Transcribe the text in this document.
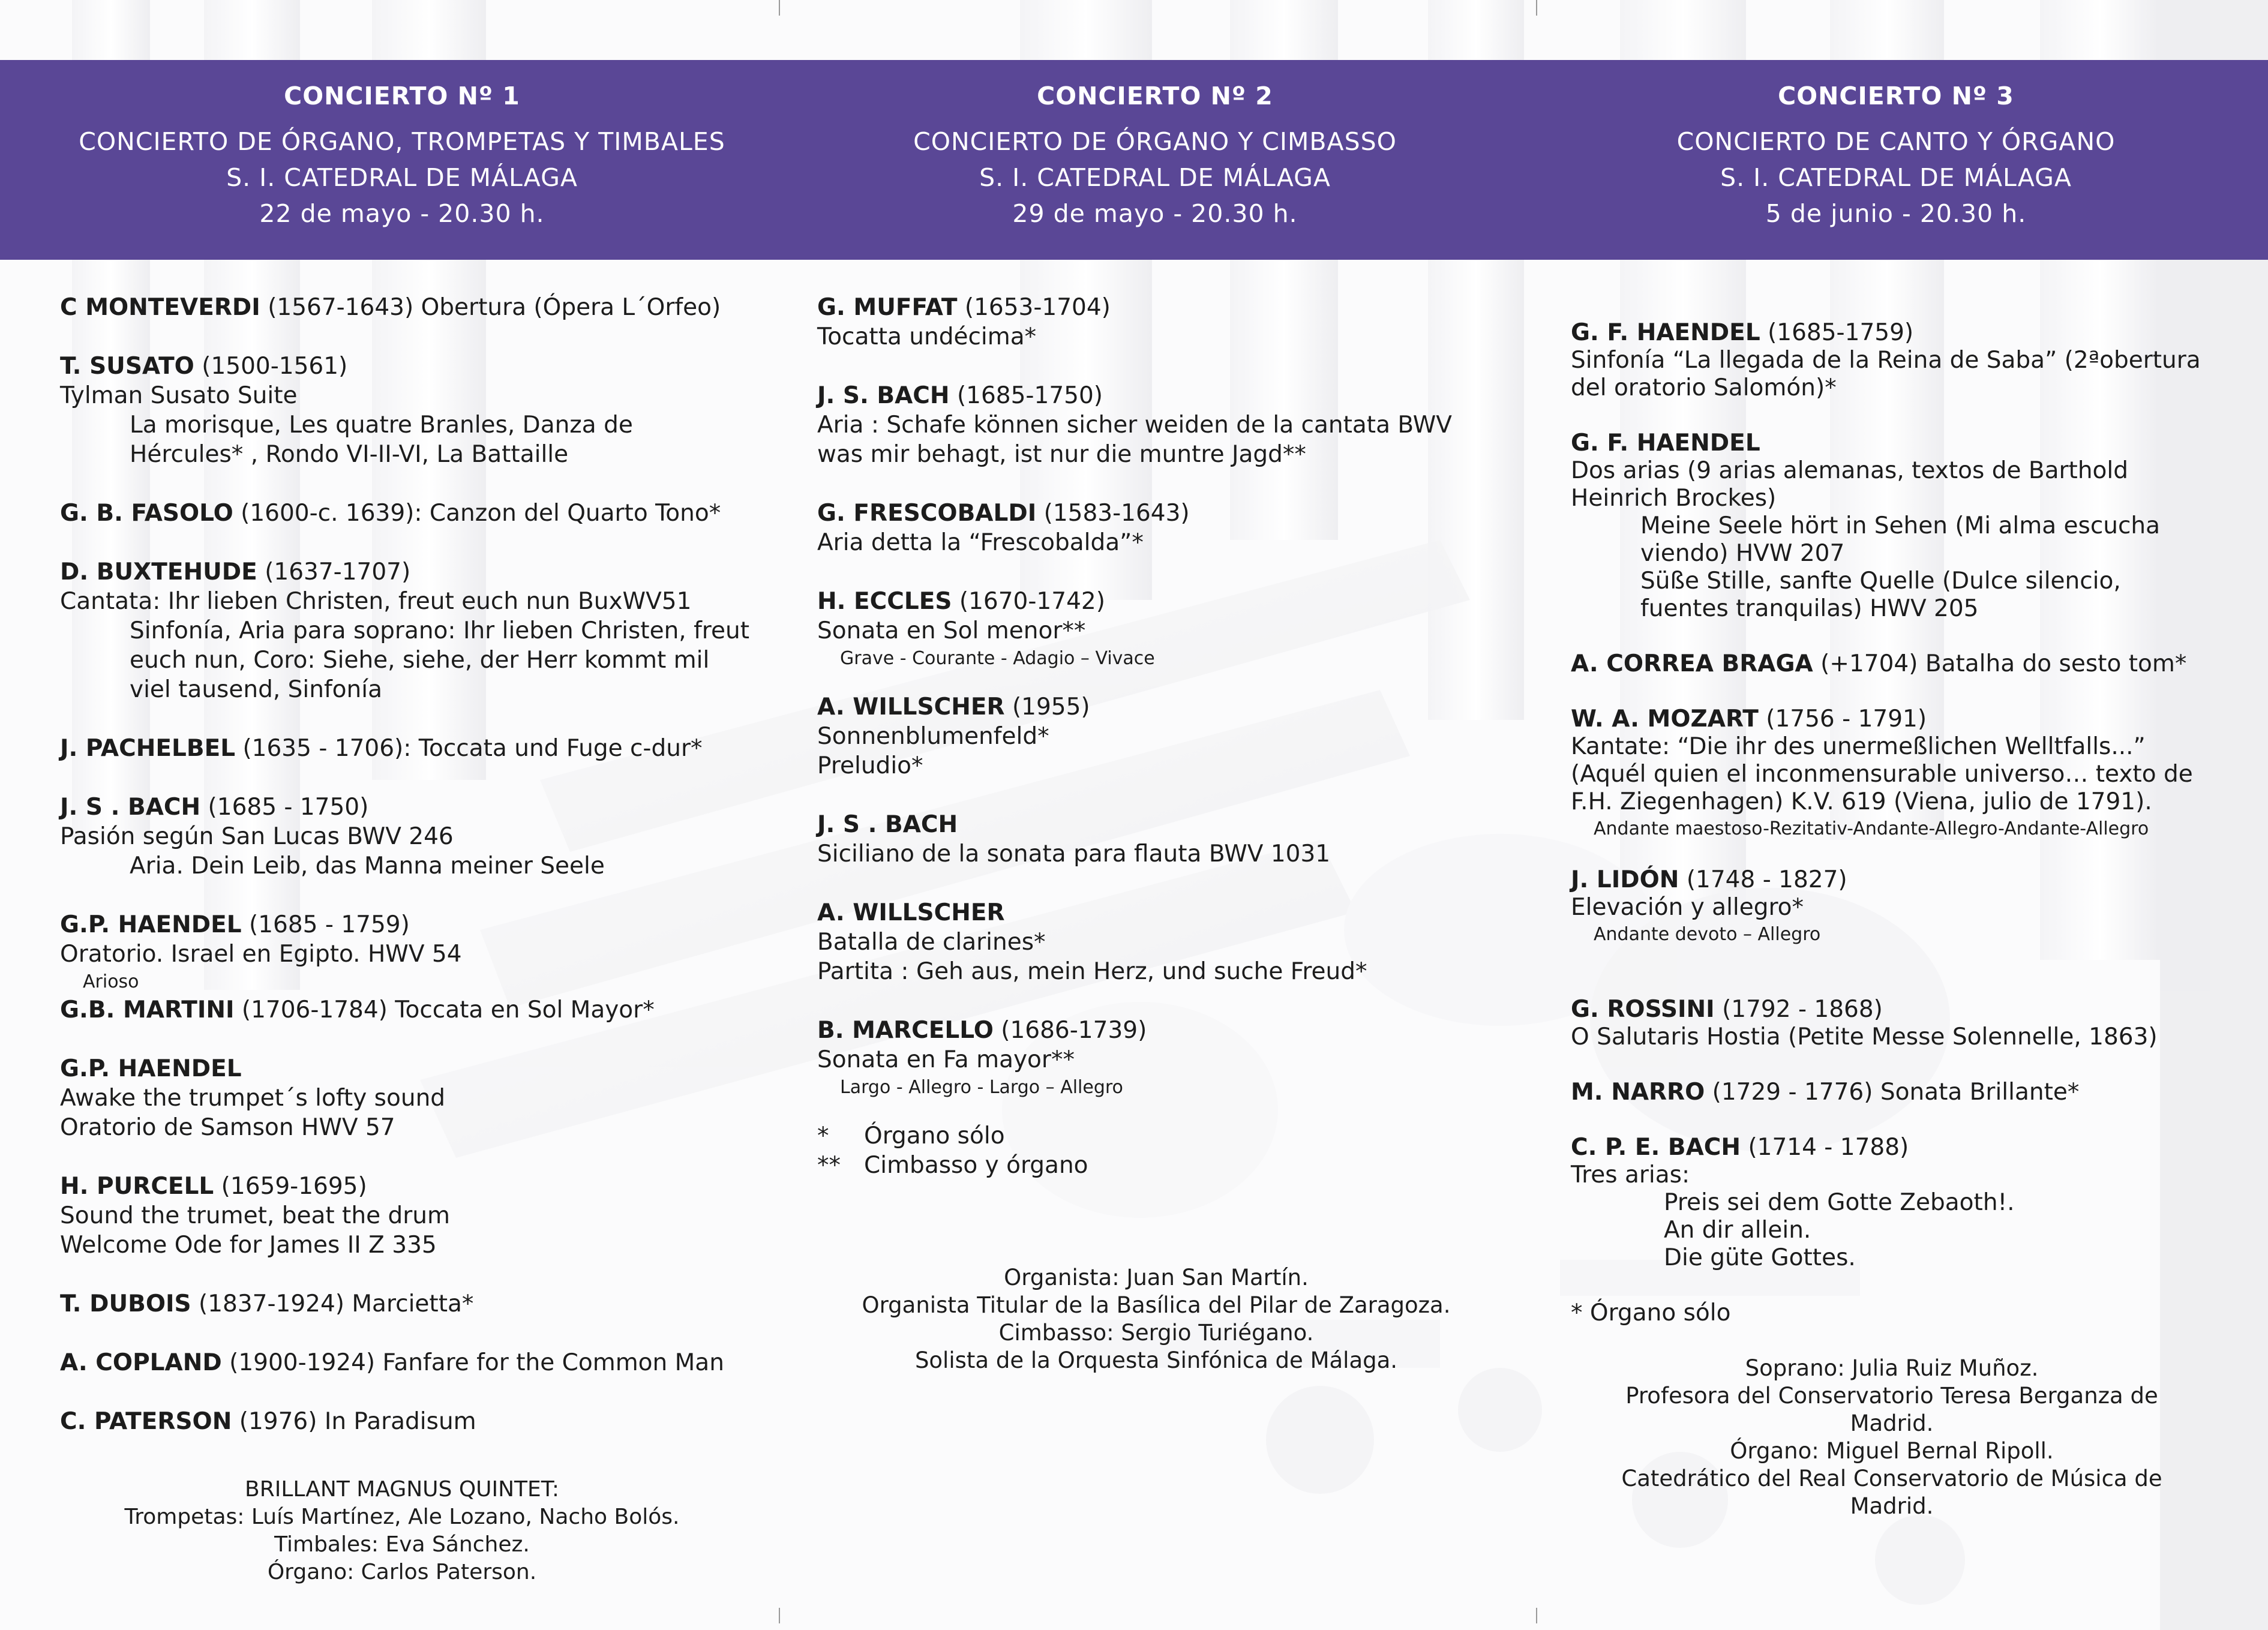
CONCIERTO Nº 1
CONCIERTO DE ÓRGANO, TROMPETAS Y TIMBALES
S. I. CATEDRAL DE MÁLAGA
22 de mayo - 20.30 h.
CONCIERTO Nº 2
CONCIERTO DE ÓRGANO Y CIMBASSO
S. I. CATEDRAL DE MÁLAGA
29 de mayo - 20.30 h.
CONCIERTO Nº 3
CONCIERTO DE CANTO Y ÓRGANO
S. I. CATEDRAL DE MÁLAGA
5 de junio - 20.30 h.
C MONTEVERDI (1567-1643) Obertura (Ópera L´Orfeo)
T. SUSATO (1500-1561)
Tylman Susato Suite
La morisque, Les quatre Branles, Danza de
Hércules* , Rondo VI-II-VI, La Battaille
G. B. FASOLO (1600-c. 1639): Canzon del Quarto Tono*
D. BUXTEHUDE (1637-1707)
Cantata: Ihr lieben Christen, freut euch nun BuxWV51
Sinfonía, Aria para soprano: Ihr lieben Christen, freut
euch nun, Coro: Siehe, siehe, der Herr kommt mil
viel tausend, Sinfonía
J. PACHELBEL (1635 - 1706): Toccata und Fuge c-dur*
J. S . BACH (1685 - 1750)
Pasión según San Lucas BWV 246
Aria. Dein Leib, das Manna meiner Seele
G.P. HAENDEL (1685 - 1759)
Oratorio. Israel en Egipto. HWV 54
Arioso
G.B. MARTINI (1706-1784) Toccata en Sol Mayor*
G.P. HAENDEL
Awake the trumpet´s lofty sound
Oratorio de Samson HWV 57
H. PURCELL (1659-1695)
Sound the trumet, beat the drum
Welcome Ode for James II Z 335
T. DUBOIS (1837-1924) Marcietta*
A. COPLAND (1900-1924) Fanfare for the Common Man
C. PATERSON (1976) In Paradisum
BRILLANT MAGNUS QUINTET:
Trompetas: Luís Martínez, Ale Lozano, Nacho Bolós.
Timbales: Eva Sánchez.
Órgano: Carlos Paterson.
G. MUFFAT (1653-1704)
Tocatta undécima*
J. S. BACH (1685-1750)
Aria : Schafe können sicher weiden de la cantata BWV
was mir behagt, ist nur die muntre Jagd**
G. FRESCOBALDI (1583-1643)
Aria detta la “Frescobalda”*
H. ECCLES (1670-1742)
Sonata en Sol menor**
Grave - Courante - Adagio – Vivace
A. WILLSCHER (1955)
Sonnenblumenfeld*
Preludio*
J. S . BACH
Siciliano de la sonata para flauta BWV 1031
A. WILLSCHER
Batalla de clarines*
Partita : Geh aus, mein Herz, und suche Freud*
B. MARCELLO (1686-1739)
Sonata en Fa mayor**
Largo - Allegro - Largo – Allegro
* Órgano sólo
** Cimbasso y órgano
Organista: Juan San Martín.
Organista Titular de la Basílica del Pilar de Zaragoza.
Cimbasso: Sergio Turiégano.
Solista de la Orquesta Sinfónica de Málaga.
G. F. HAENDEL (1685-1759)
Sinfonía “La llegada de la Reina de Saba” (2ªobertura
del oratorio Salomón)*
G. F. HAENDEL
Dos arias (9 arias alemanas, textos de Barthold
Heinrich Brockes)
Meine Seele hört in Sehen (Mi alma escucha
viendo) HVW 207
Süße Stille, sanfte Quelle (Dulce silencio,
fuentes tranquilas) HWV 205
A. CORREA BRAGA (+1704) Batalha do sesto tom*
W. A. MOZART (1756 - 1791)
Kantate: “Die ihr des unermeßlichen Welltfalls...”
(Aquél quien el inconmensurable universo… texto de
F.H. Ziegenhagen) K.V. 619 (Viena, julio de 1791).
Andante maestoso-Rezitativ-Andante-Allegro-Andante-Allegro
J. LIDÓN (1748 - 1827)
Elevación y allegro*
Andante devoto – Allegro
G. ROSSINI (1792 - 1868)
O Salutaris Hostia (Petite Messe Solennelle, 1863)
M. NARRO (1729 - 1776) Sonata Brillante*
C. P. E. BACH (1714 - 1788)
Tres arias:
Preis sei dem Gotte Zebaoth!.
An dir allein.
Die güte Gottes.
* Órgano sólo
Soprano: Julia Ruiz Muñoz.
Profesora del Conservatorio Teresa Berganza de
Madrid.
Órgano: Miguel Bernal Ripoll.
Catedrático del Real Conservatorio de Música de
Madrid.
